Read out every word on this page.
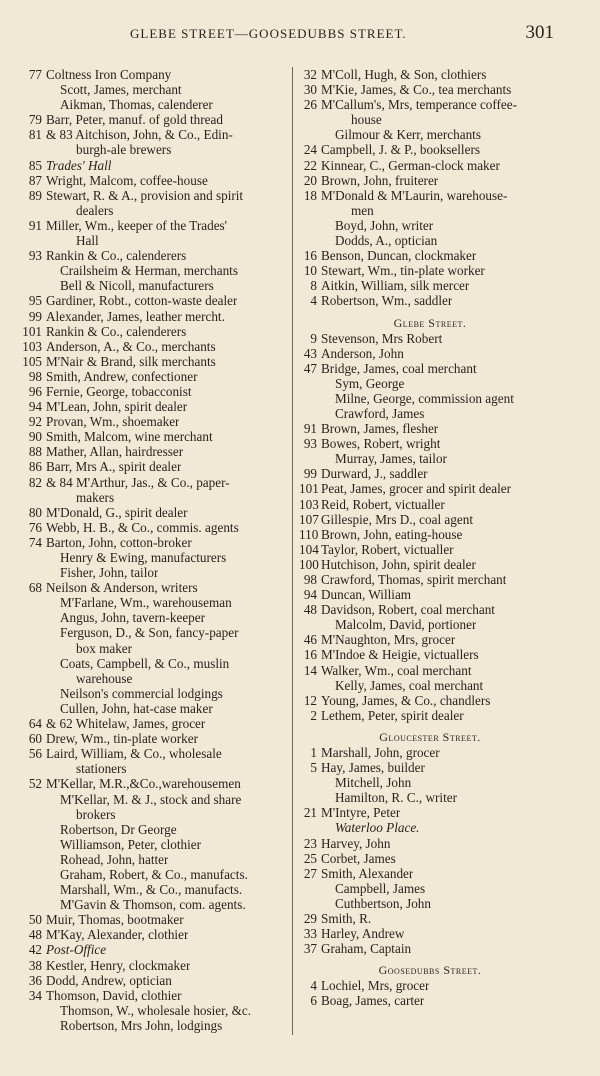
GLEBE STREET—GOOSEDUBBS STREET.	301
77 Coltness Iron Company
Scott, James, merchant
Aikman, Thomas, calenderer
79 Barr, Peter, manuf. of gold thread
81 & 83 Aitchison, John, & Co., Edin-
burgh-ale brewers
85 Trades' Hall
87 Wright, Malcom, coffee-house
89 Stewart, R. & A., provision and spirit
dealers
91 Miller, Wm., keeper of the Trades'
Hall
93 Rankin & Co., calenderers
Crailsheim & Herman, merchants
Bell & Nicoll, manufacturers
95 Gardiner, Robt., cotton-waste dealer
99 Alexander, James, leather mercht.
101 Rankin & Co., calenderers
103 Anderson, A., & Co., merchants
105 M'Nair & Brand, silk merchants
98 Smith, Andrew, confectioner
96 Fernie, George, tobacconist
94 M'Lean, John, spirit dealer
92 Provan, Wm., shoemaker
90 Smith, Malcom, wine merchant
88 Mather, Allan, hairdresser
86 Barr, Mrs A., spirit dealer
82 & 84 M'Arthur, Jas., & Co., paper-
makers
80 M'Donald, G., spirit dealer
76 Webb, H. B., & Co., commis. agents
74 Barton, John, cotton-broker
Henry & Ewing, manufacturers
Fisher, John, tailor
68 Neilson & Anderson, writers
M'Farlane, Wm., warehouseman
Angus, John, tavern-keeper
Ferguson, D., & Son, fancy-paper
box maker
Coats, Campbell, & Co., muslin
warehouse
Neilson's commercial lodgings
Cullen, John, hat-case maker
64 & 62 Whitelaw, James, grocer
60 Drew, Wm., tin-plate worker
56 Laird, William, & Co., wholesale
stationers
52 M'Kellar, M.R.,&Co.,warehousemen
M'Kellar, M. & J., stock and share
brokers
Robertson, Dr George
Williamson, Peter, clothier
Rohead, John, hatter
Graham, Robert, & Co., manufacts.
Marshall, Wm., & Co., manufacts.
M'Gavin & Thomson, com. agents.
50 Muir, Thomas, bootmaker
48 M'Kay, Alexander, clothier
42 Post-Office
38 Kestler, Henry, clockmaker
36 Dodd, Andrew, optician
34 Thomson, David, clothier
Thomson, W., wholesale hosier, &c.
Robertson, Mrs John, lodgings
32 M'Coll, Hugh, & Son, clothiers
30 M'Kie, James, & Co., tea merchants
26 M'Callum's, Mrs, temperance coffee-
house
Gilmour & Kerr, merchants
24 Campbell, J. & P., booksellers
22 Kinnear, C., German-clock maker
20 Brown, John, fruiterer
18 M'Donald & M'Laurin, warehouse-
men
Boyd, John, writer
Dodds, A., optician
16 Benson, Duncan, clockmaker
10 Stewart, Wm., tin-plate worker
8 Aitkin, William, silk mercer
4 Robertson, Wm., saddler
Glebe Street.
9 Stevenson, Mrs Robert
43 Anderson, John
47 Bridge, James, coal merchant
Sym, George
Milne, George, commission agent
Crawford, James
91 Brown, James, flesher
93 Bowes, Robert, wright
Murray, James, tailor
99 Durward, J., saddler
101 Peat, James, grocer and spirit dealer
103 Reid, Robert, victualler
107 Gillespie, Mrs D., coal agent
110 Brown, John, eating-house
104 Taylor, Robert, victualler
100 Hutchison, John, spirit dealer
98 Crawford, Thomas, spirit merchant
94 Duncan, William
48 Davidson, Robert, coal merchant
Malcolm, David, portioner
46 M'Naughton, Mrs, grocer
16 M'Indoe & Heigie, victuallers
14 Walker, Wm., coal merchant
Kelly, James, coal merchant
12 Young, James, & Co., chandlers
2 Lethem, Peter, spirit dealer
Gloucester Street.
1 Marshall, John, grocer
5 Hay, James, builder
Mitchell, John
Hamilton, R. C., writer
21 M'Intyre, Peter
Waterloo Place.
23 Harvey, John
25 Corbet, James
27 Smith, Alexander
Campbell, James
Cuthbertson, John
29 Smith, R.
33 Harley, Andrew
37 Graham, Captain
Goosedubbs Street.
4 Lochiel, Mrs, grocer
6 Boag, James, carter
